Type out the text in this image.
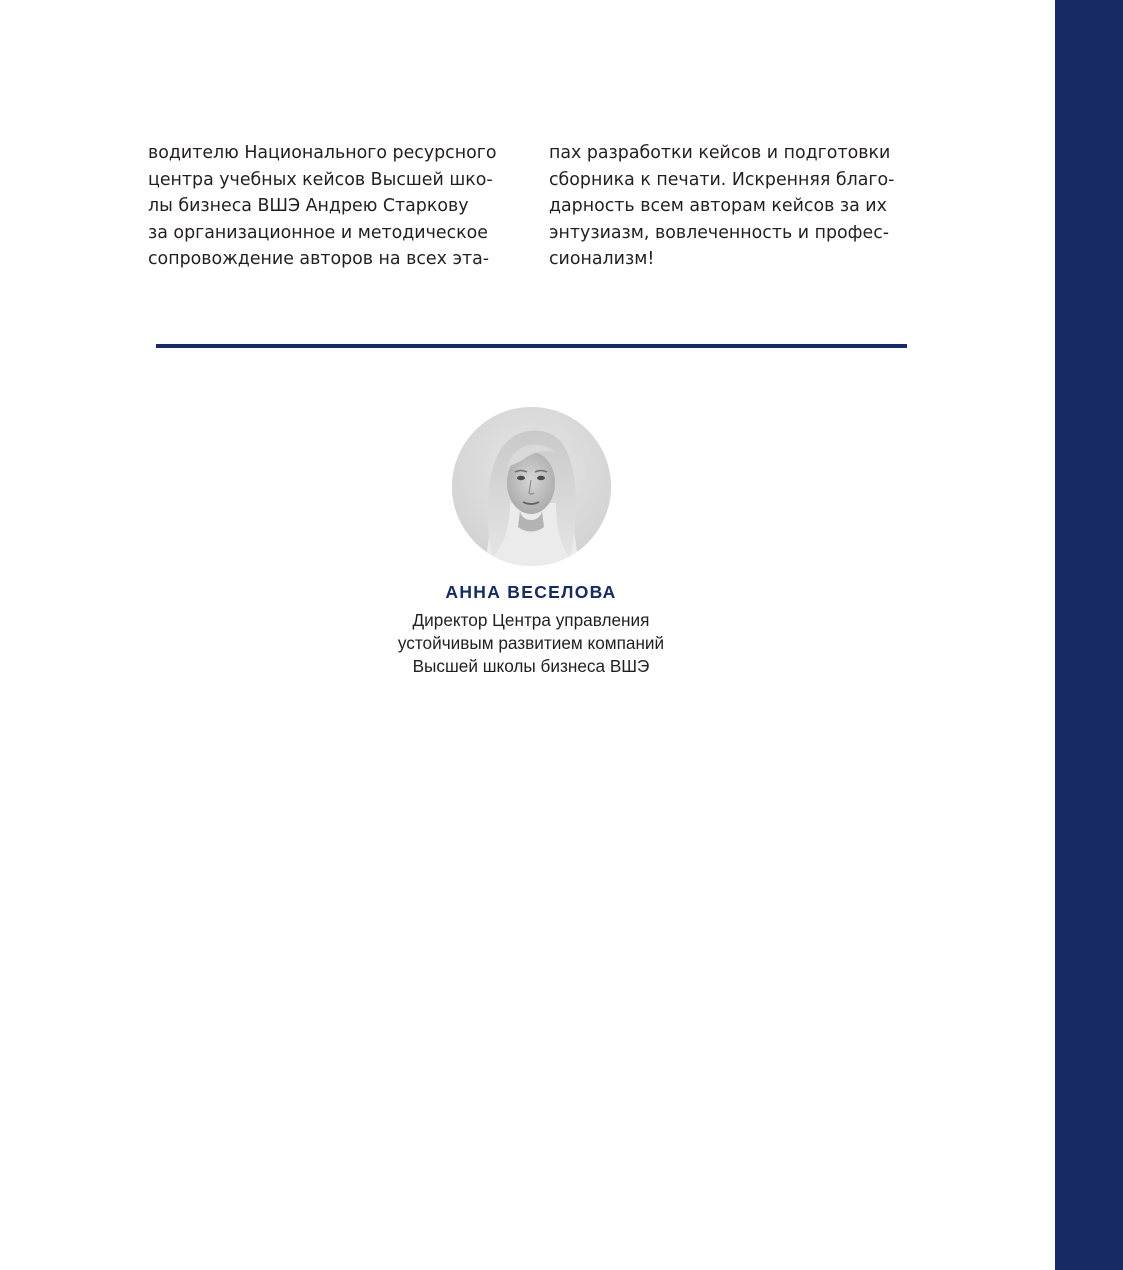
водителю Национального ресурсного
центра учебных кейсов Высшей шко-
лы бизнеса ВШЭ Андрею Старкову
за организационное и методическое
сопровождение авторов на всех эта-
пах разработки кейсов и подготовки
сборника к печати. Искренняя благо-
дарность всем авторам кейсов за их
энтузиазм, вовлеченность и профес-
сионализм!
АННА ВЕСЕЛОВА
Директор Центра управления
устойчивым развитием компаний
Высшей школы бизнеса ВШЭ
